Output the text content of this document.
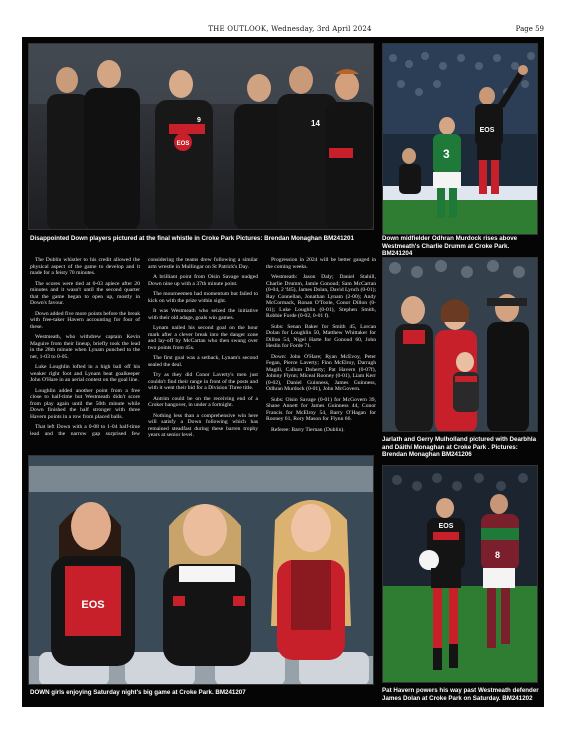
THE OUTLOOK, Wednesday, 3rd April 2024	Page 59
EOS
9	14
Disappointed Down players pictured at the final whistle in Croke Park Pictures: Brendan Monaghan BM241201
3
EOS
Down midfielder Odhran Murdock rises above Westmeath's Charlie Drumm at Croke Park. BM241204

The Dublin whistler to his credit allowed the physical aspect of the game to develop and it made for a feisty 70 minutes.

The scores were tied at 0-03 apiece after 20 minutes and it wasn't until the second quarter that the game began to open up, mostly in Down's favour.

Down added five more points before the break with free-taker Havern accounting for four of these.

Westmeath, who withdrew captain Kevin Maguire from their lineup, briefly took the lead in the 28th minute when Lynam punched to the net, 1-03 to 0-05.

Luke Loughlin lofted in a high ball off his weaker right foot and Lynam beat goalkeeper John O'Hare in an aerial contest on the goal line.

Loughlin added another point from a free close to half-time but Westmeath didn't score from play again until the 50th minute while Down finished the half stronger with three Havern points in a row from placed balls.

That left Down with a 0-08 to 1-04 half-time lead and the narrow gap surprised few considering the teams drew following a similar arm wrestle in Mullingar on St Patrick's Day.

A brilliant point from Oisin Savage nudged Down nine up with a 37th minute point.

The mourneemen had momentum but failed to kick on with the prize within sight.

It was Westmeath who seized the initiative with their old adage, goals win games.

Lynam nailed his second goal on the hour mark after a clever break into the danger zone and lay-off by McCartan who then swung over two points from 45s.

The first goal was a setback, Lynam's second sealed the deal.

Try as they did Conor Laverty's men just couldn't find their range in front of the posts and with it went their bid for a Division Three title.

Antrim could be on the receiving end of a Croker hangover, in under a fortnight.

Nothing less than a comprehensive win here will satisfy a Down following which has remained steadfast during these barren trophy years at senior level.

Progression in 2024 will be better gauged in the coming weeks.

Westmeath: Jason Daly; Daniel Stahill, Charlie Drumm, Jamie Gonoud; Sam McCartan (0-04, 2 'f45), James Dolan, David Lynch (0-01); Ray Connellan, Jonathan Lynam (2-00); Andy McCormack, Ronan O'Toole, Conor Dillon (0-01); Luke Loughlin (0-01), Stephen Smith, Robbie Forde (0-02, 0-01 f).

Subs: Senan Baker for Smith 45, Lorcan Dolan for Loughlin 50, Matthew Whittaker for Dillon 54, Nigel Harte for Gonoud 60, John Heslin for Forde 71.

Down: John O'Hare; Ryan McEvoy, Peter Fegan, Pierce Laverty; Finn McElroy, Darragh Magill, Callum Doherty; Pat Havern (0-07f), Johnny Flynn; Miceal Rooney (0-01), Liam Kerr (0-02), Daniel Guinness, James Guinness, Odhran Murdock (0-01), John McGovern.

Subs: Oisin Savage (0-01) for McGovern 39, Shane Annett for James Guinness 44, Conor Francis for McElroy 54, Barry O'Hagan for Rooney 61, Rory Mason for Flynn 66.

Referee: Barry Tiernan (Dublin).

Jarlath and Gerry Mulholland pictured with Dearbhla and Dáithí Monaghan at Croke Park . Pictures: Brendan Monaghan BM241206
EOS
DOWN girls enjoying Saturday night's big game at Croke Park. BM241207
EOS
8
Pat Havern powers his way past Westmeath defender James Dolan at Croke Park on Saturday. BM241202
